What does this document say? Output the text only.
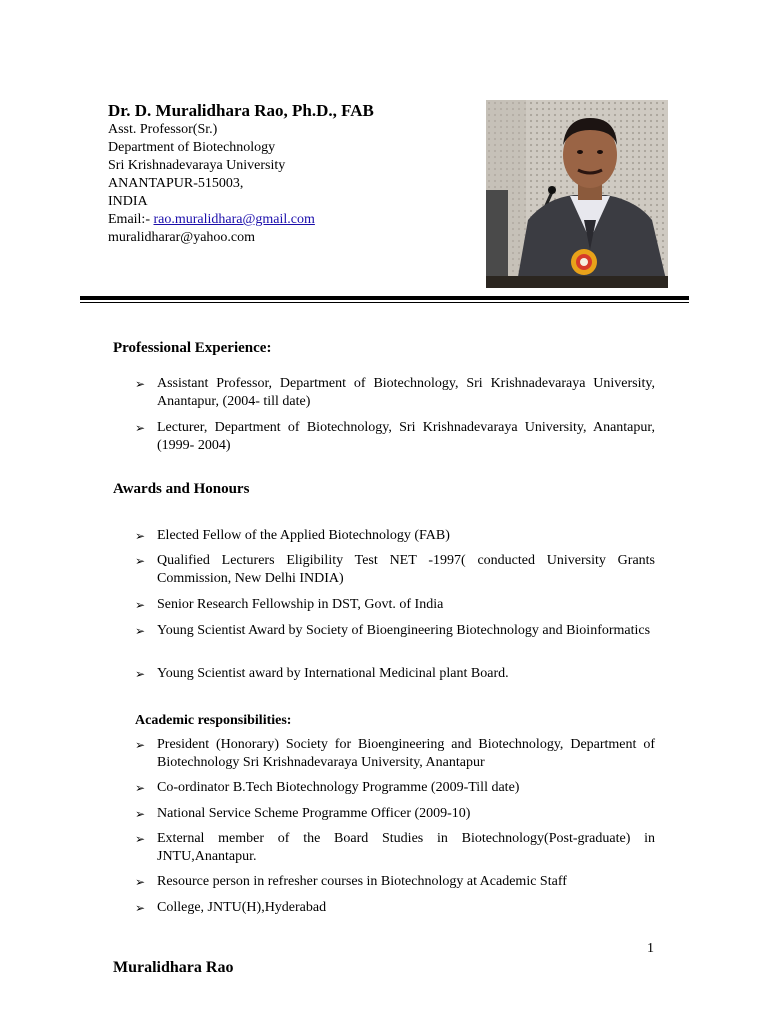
Dr. D. Muralidhara Rao, Ph.D., FAB
Asst. Professor(Sr.)
Department of Biotechnology
Sri Krishnadevaraya University
ANANTAPUR-515003,
INDIA
Email:- rao.muralidhara@gmail.com
muralidharar@yahoo.com
Professional Experience:
➢ Assistant Professor, Department of Biotechnology, Sri Krishnadevaraya University, Anantapur, (2004- till date)
➢ Lecturer, Department of Biotechnology, Sri Krishnadevaraya University, Anantapur, (1999- 2004)
Awards and Honours
➢ Elected Fellow of the Applied Biotechnology (FAB)
➢ Qualified Lecturers Eligibility Test NET -1997( conducted University Grants Commission, New Delhi INDIA)
➢ Senior Research Fellowship in DST, Govt. of India
➢ Young Scientist Award by Society of Bioengineering Biotechnology and Bioinformatics
➢ Young Scientist award by International Medicinal plant Board.
Academic responsibilities:
➢ President (Honorary) Society for Bioengineering and Biotechnology, Department of Biotechnology Sri Krishnadevaraya University, Anantapur
➢ Co-ordinator B.Tech Biotechnology Programme (2009-Till date)
➢ National Service Scheme Programme Officer (2009-10)
➢ External member of the Board Studies in Biotechnology(Post-graduate) in JNTU,Anantapur.
➢ Resource person in refresher courses in Biotechnology at Academic Staff
➢ College, JNTU(H),Hyderabad
1
Muralidhara Rao
